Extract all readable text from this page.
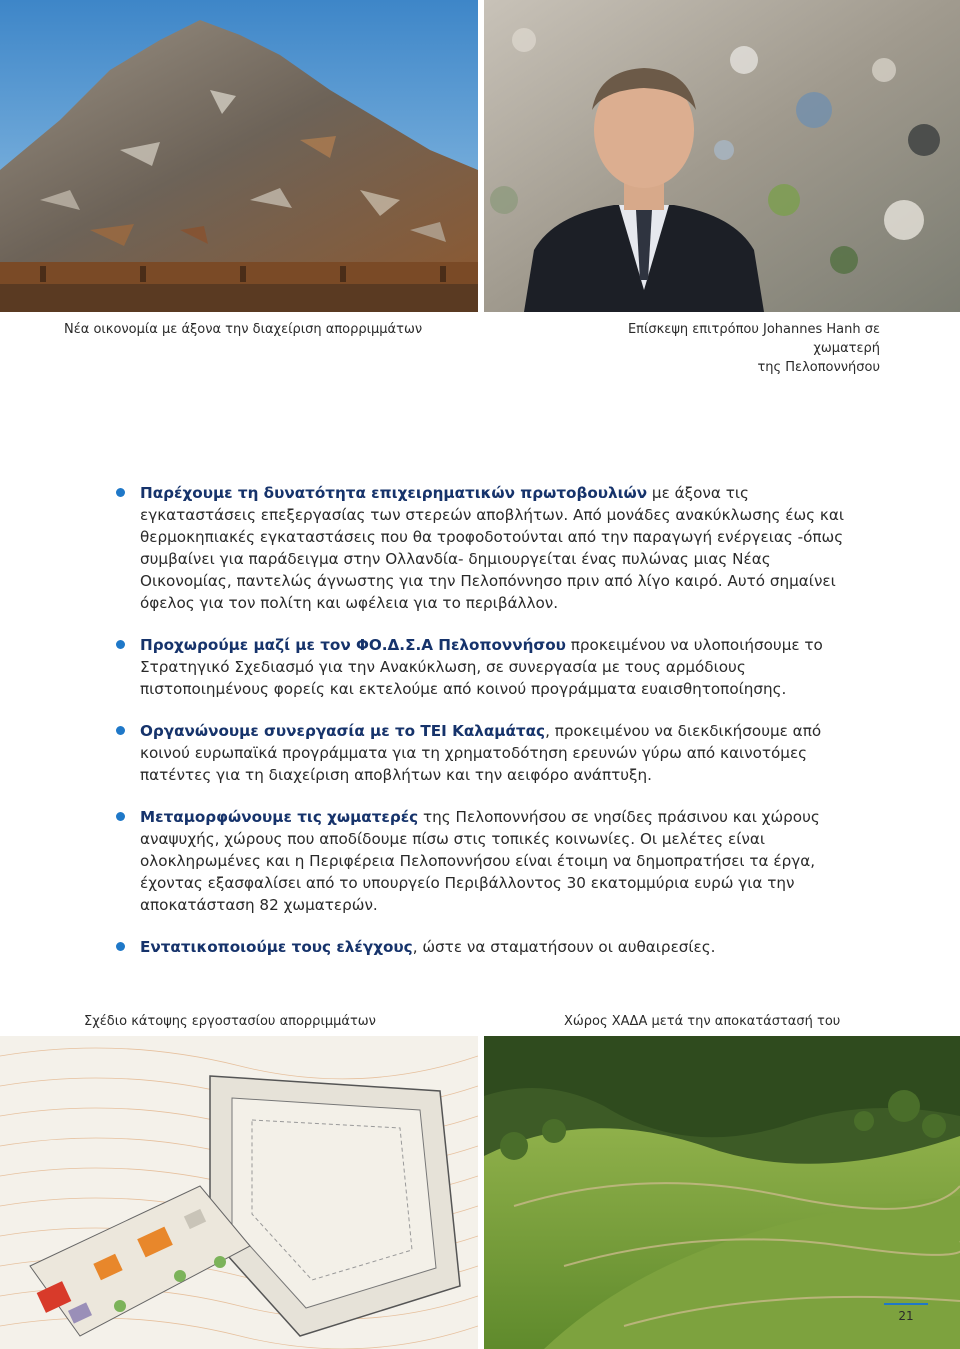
Νέα οικονομία με άξονα την διαχείριση απορριμμάτων	Επίσκεψη επιτρόπου Johannes Hanh σε χωματερή
της Πελοποννήσου
Παρέχουμε τη δυνατότητα επιχειρηματικών πρωτοβουλιών με άξονα τις εγκαταστάσεις επεξεργασίας των στερεών αποβλήτων. Από μονάδες ανακύκλωσης έως και θερμοκηπιακές εγκαταστάσεις που θα τροφοδοτούνται από την παραγωγή ενέργειας -όπως συμβαίνει για παράδειγμα στην Ολλανδία- δημιουργείται ένας πυλώνας μιας Νέας Οικονομίας, παντελώς άγνωστης για την Πελοπόννησο πριν από λίγο καιρό. Αυτό σημαίνει όφελος για τον πολίτη και ωφέλεια για το περιβάλλον.
Προχωρούμε μαζί με τον ΦΟ.Δ.Σ.Α Πελοποννήσου προκειμένου να υλοποιήσουμε το Στρατηγικό Σχεδιασμό για την Ανακύκλωση, σε συνεργασία με τους αρμόδιους πιστοποιημένους φορείς και εκτελούμε από κοινού προγράμματα ευαισθητοποίησης.
Οργανώνουμε συνεργασία με το ΤΕΙ Καλαμάτας, προκειμένου να διεκδικήσουμε από κοινού ευρωπαϊκά προγράμματα για τη χρηματοδότηση ερευνών γύρω από καινοτόμες πατέντες για τη διαχείριση αποβλήτων και την αειφόρο ανάπτυξη.
Μεταμορφώνουμε τις χωματερές της Πελοποννήσου σε νησίδες πράσινου και χώρους αναψυχής, χώρους που αποδίδουμε πίσω στις τοπικές κοινωνίες. Οι μελέτες είναι ολοκληρωμένες και η Περιφέρεια Πελοποννήσου είναι έτοιμη να δημοπρατήσει τα έργα, έχοντας εξασφαλίσει από το υπουργείο Περιβάλλοντος 30 εκατομμύρια ευρώ για την αποκατάσταση 82 χωματερών.
Εντατικοποιούμε τους ελέγχους, ώστε να σταματήσουν οι αυθαιρεσίες.
Σχέδιο κάτοψης εργοστασίου απορριμμάτων	Χώρος ΧΑΔΑ μετά την αποκατάστασή του
21
